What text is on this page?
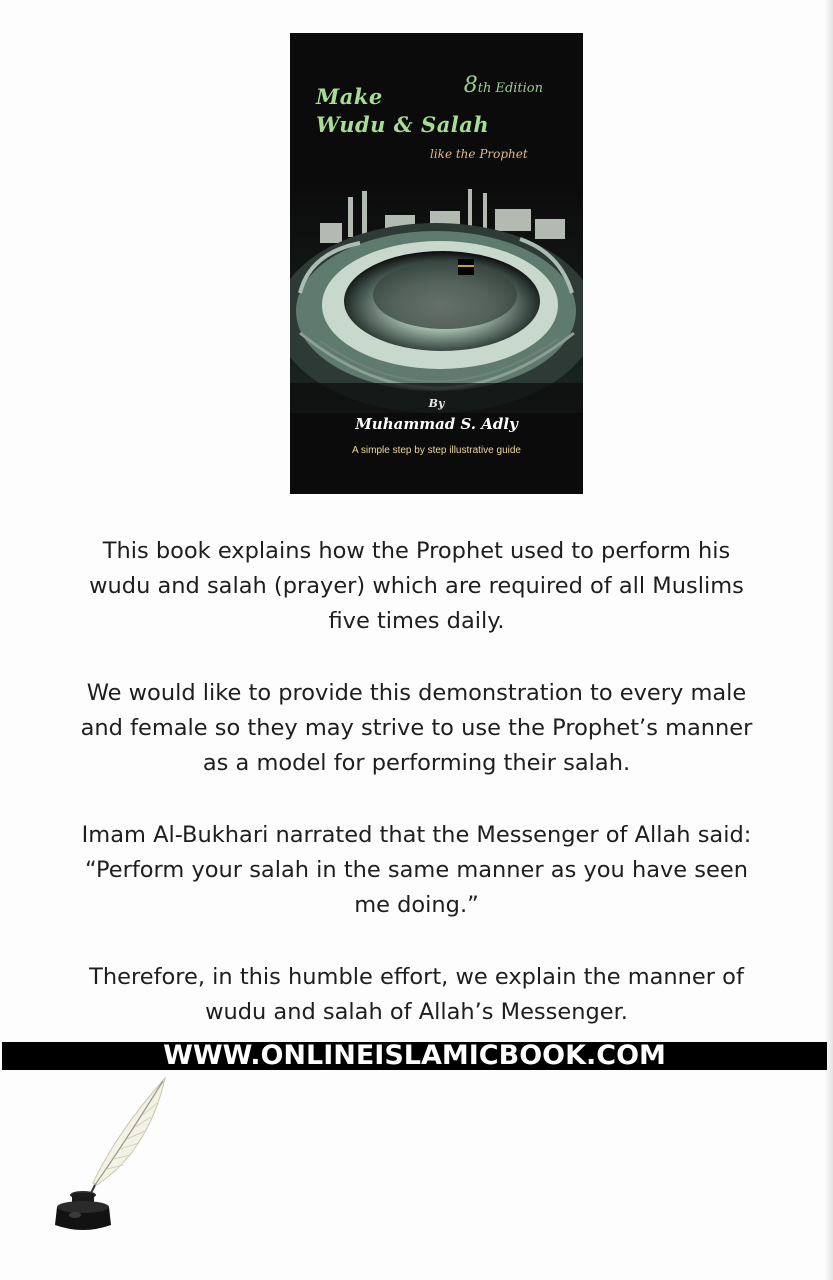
8th Edition
Make
Wudu & Salah
like the Prophet
By
Muhammad S. Adly
A simple step by step illustrative guide

This book explains how the Prophet used to perform his
wudu and salah (prayer) which are required of all Muslims
five times daily.

We would like to provide this demonstration to every male
and female so they may strive to use the Prophet’s manner
as a model for performing their salah.

Imam Al-Bukhari narrated that the Messenger of Allah said:
“Perform your salah in the same manner as you have seen
me doing.”

Therefore, in this humble effort, we explain the manner of
wudu and salah of Allah’s Messenger.

WWW.ONLINEISLAMICBOOK.COM
